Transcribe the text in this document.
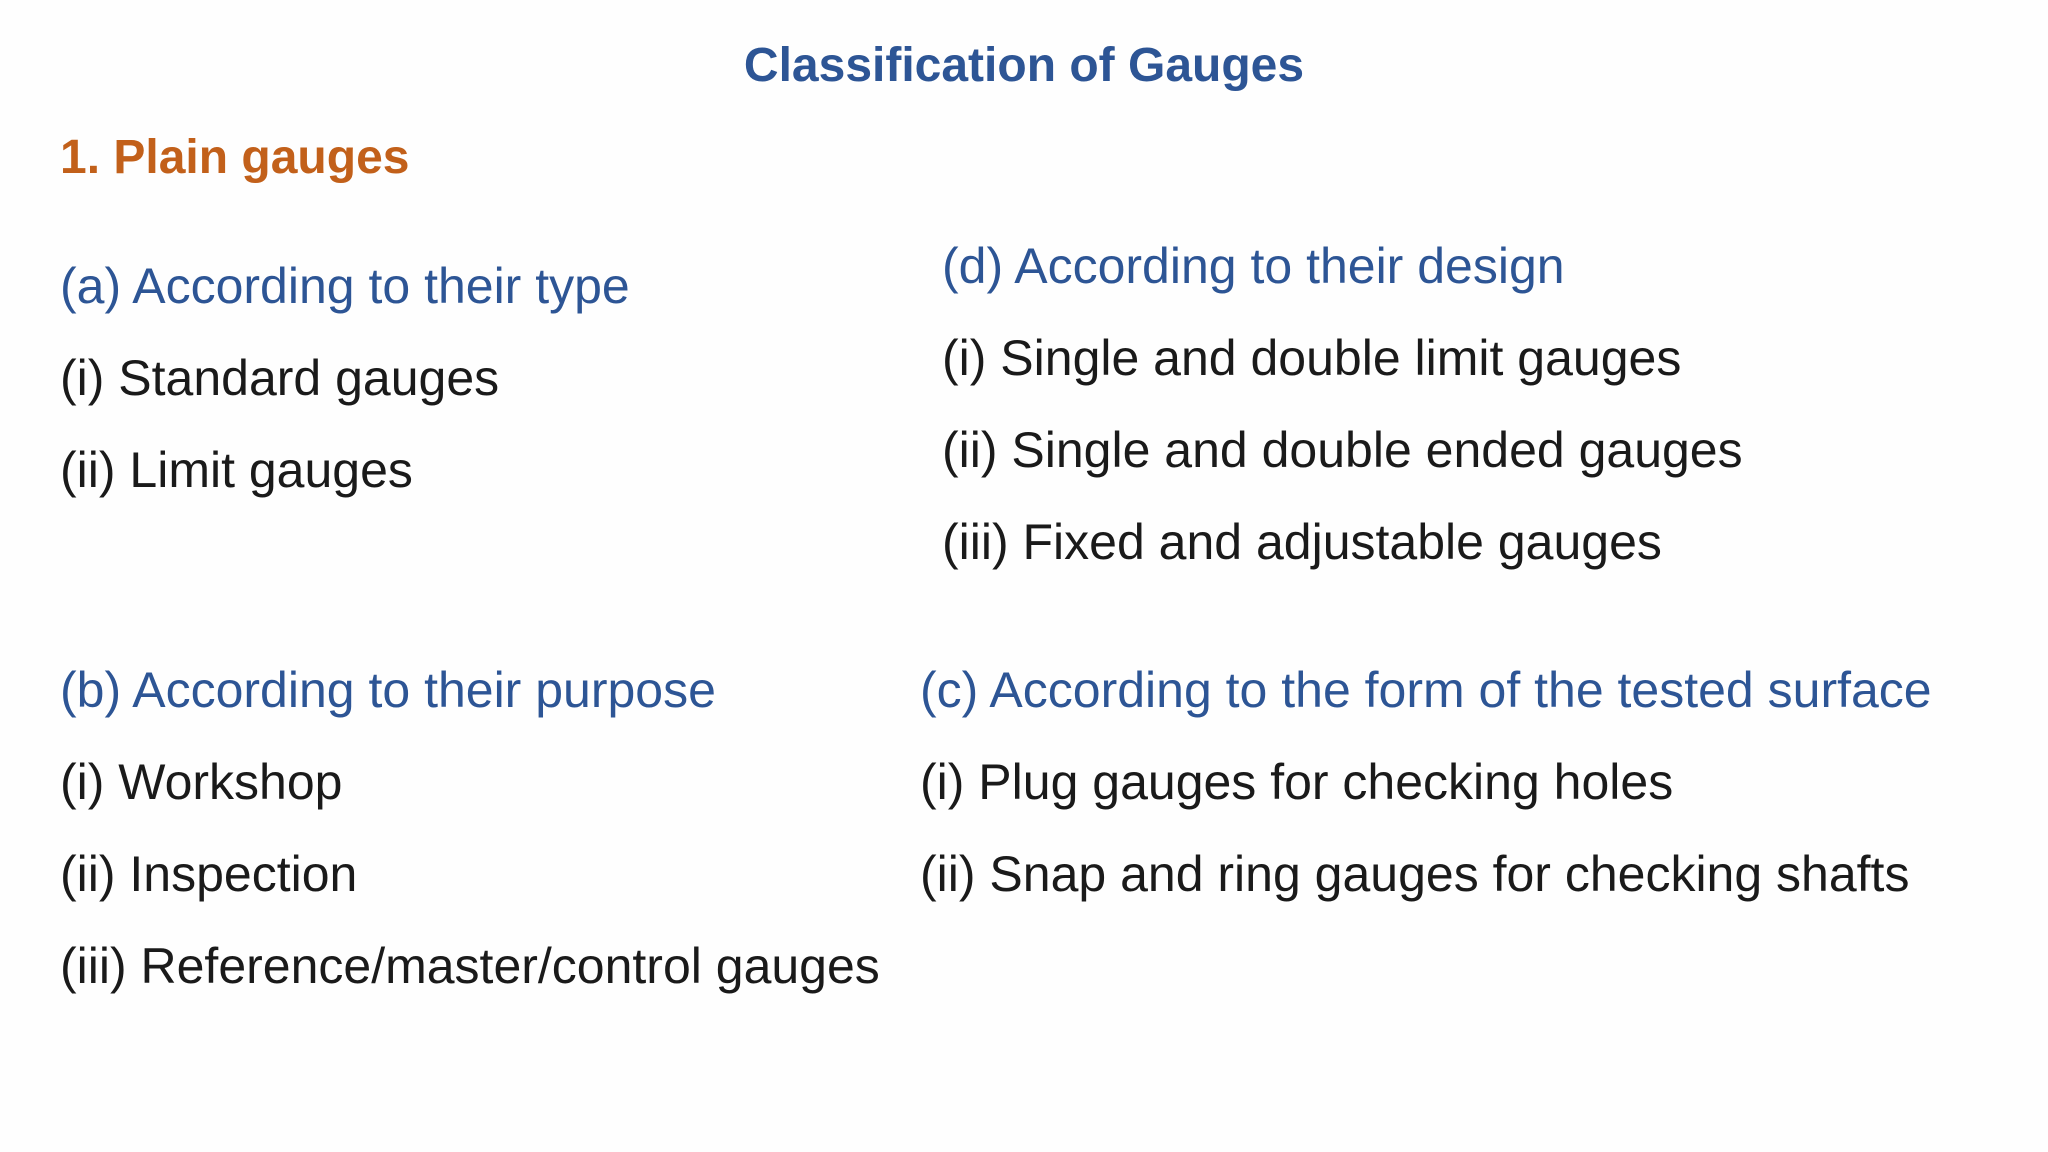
Classification of Gauges
1. Plain gauges

(a) According to their type

(i) Standard gauges

(ii) Limit gauges

(d) According to their design

(i) Single and double limit gauges

(ii) Single and double ended gauges

(iii) Fixed and adjustable gauges

(b) According to their purpose

(i) Workshop

(ii) Inspection

(iii) Reference/master/control gauges

(c) According to the form of the tested surface

(i) Plug gauges for checking holes

(ii) Snap and ring gauges for checking shafts
